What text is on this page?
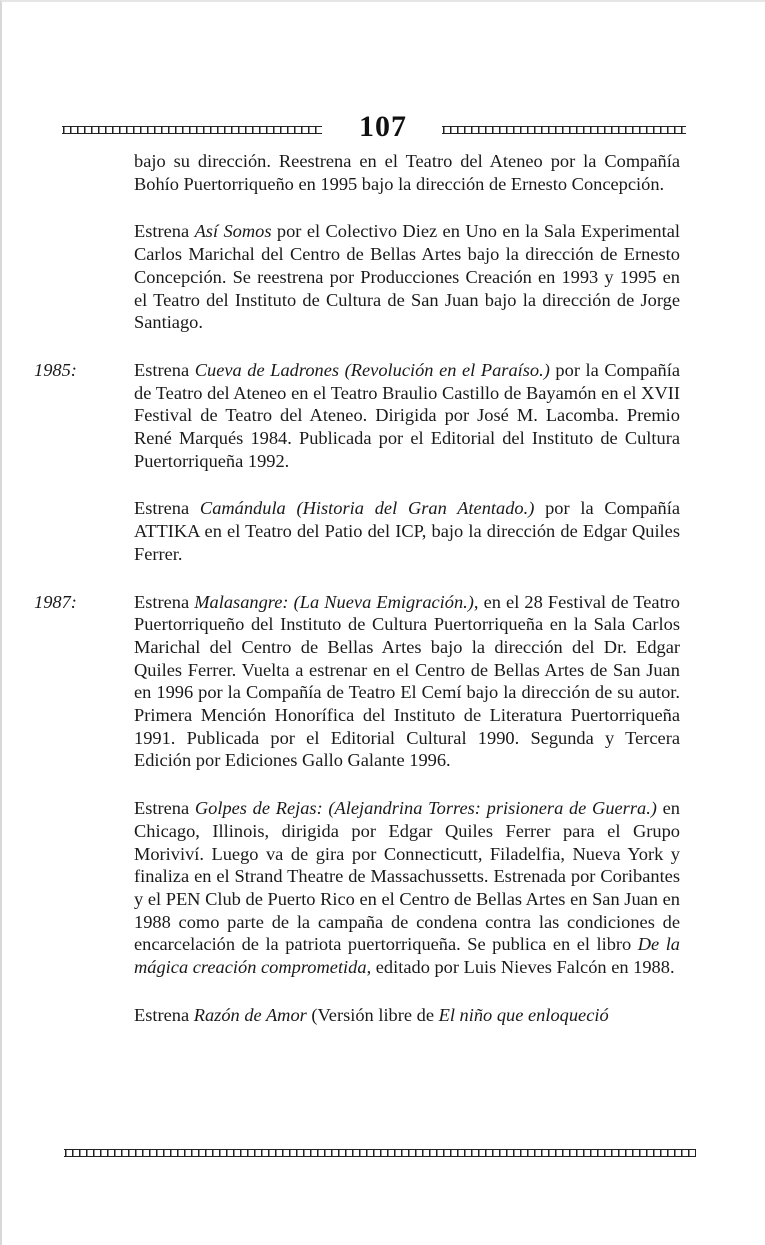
107

bajo su dirección. Reestrena en el Teatro del Ateneo por la Compañía Bohío Puertorriqueño en 1995 bajo la dirección de Ernesto Concepción.

Estrena Así Somos por el Colectivo Diez en Uno en la Sala Experimental Carlos Marichal del Centro de Bellas Artes bajo la dirección de Ernesto Concepción. Se reestrena por Producciones Creación en 1993 y 1995 en el Teatro del Instituto de Cultura de San Juan bajo la dirección de Jorge Santiago.

1985:	Estrena Cueva de Ladrones (Revolución en el Paraíso.) por la Compañía de Teatro del Ateneo en el Teatro Braulio Castillo de Bayamón en el XVII Festival de Teatro del Ateneo. Dirigida por José M. Lacomba. Premio René Marqués 1984. Publicada por el Editorial del Instituto de Cultura Puertorriqueña 1992.

Estrena Camándula (Historia del Gran Atentado.) por la Compañía ATTIKA en el Teatro del Patio del ICP, bajo la dirección de Edgar Quiles Ferrer.

1987:	Estrena Malasangre: (La Nueva Emigración.), en el 28 Festival de Teatro Puertorriqueño del Instituto de Cultura Puertorriqueña en la Sala Carlos Marichal del Centro de Bellas Artes bajo la dirección del Dr. Edgar Quiles Ferrer. Vuelta a estrenar en el Centro de Bellas Artes de San Juan en 1996 por la Compañía de Teatro El Cemí bajo la dirección de su autor. Primera Mención Honorífica del Instituto de Literatura Puertorriqueña 1991. Publicada por el Editorial Cultural 1990. Segunda y Tercera Edición por Ediciones Gallo Galante 1996.

Estrena Golpes de Rejas: (Alejandrina Torres: prisionera de Guerra.) en Chicago, Illinois, dirigida por Edgar Quiles Ferrer para el Grupo Moriviví. Luego va de gira por Connecticutt, Filadelfia, Nueva York y finaliza en el Strand Theatre de Massachussetts. Estrenada por Coribantes y el PEN Club de Puerto Rico en el Centro de Bellas Artes en San Juan en 1988 como parte de la campaña de condena contra las condiciones de encarcelación de la patriota puertorriqueña. Se publica en el libro De la mágica creación comprometida, editado por Luis Nieves Falcón en 1988.

Estrena Razón de Amor (Versión libre de El niño que enloqueció
